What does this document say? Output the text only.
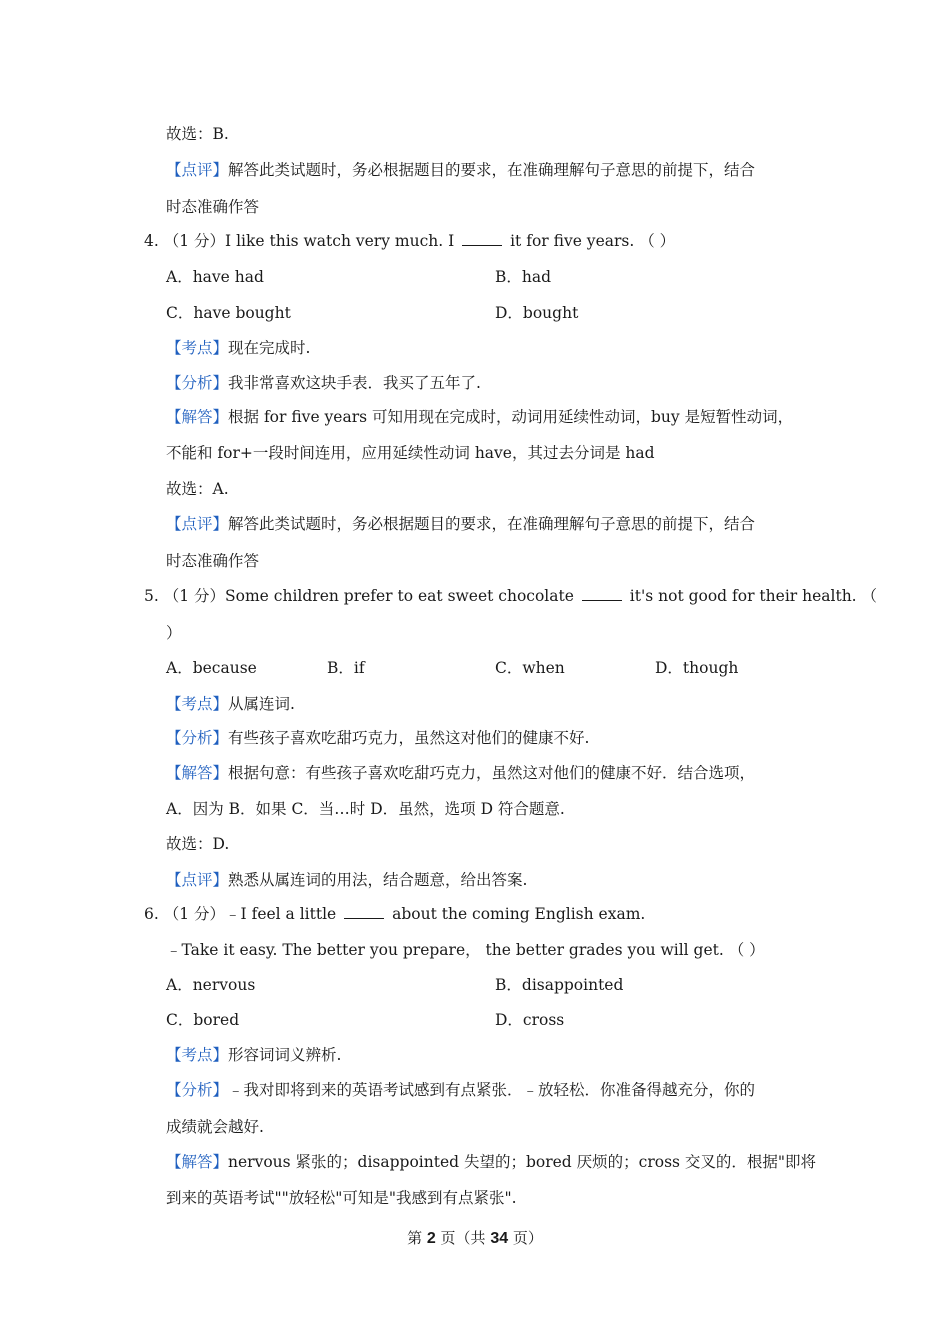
故选：B.
【点评】解答此类试题时，务必根据题目的要求，在准确理解句子意思的前提下，结合
时态准确作答
4. （1 分）I like this watch very much. I	it for five years. （ ）
A．have had	B．had
C．have bought	D．bought
【考点】现在完成时.
【分析】我非常喜欢这块手表．我买了五年了.
【解答】根据 for five years 可知用现在完成时，动词用延续性动词，buy 是短暂性动词，
不能和 for+一段时间连用，应用延续性动词 have，其过去分词是 had
故选：A.
【点评】解答此类试题时，务必根据题目的要求，在准确理解句子意思的前提下，结合
时态准确作答
5. （1 分）Some children prefer to eat sweet chocolate	it's not good for their health. （
）
A．because	B．if	C．when	D．though
【考点】从属连词.
【分析】有些孩子喜欢吃甜巧克力，虽然这对他们的健康不好.
【解答】根据句意：有些孩子喜欢吃甜巧克力，虽然这对他们的健康不好．结合选项，
A．因为 B．如果 C．当…时 D．虽然，选项 D 符合题意.
故选：D.
【点评】熟悉从属连词的用法，结合题意，给出答案.
6. （1 分）﹣I feel a little	about the coming English exam.
﹣Take it easy. The better you prepare， the better grades you will get. （ ）
A．nervous	B．disappointed
C．bored	D．cross
【考点】形容词词义辨析.
【分析】﹣我对即将到来的英语考试感到有点紧张．﹣放轻松．你准备得越充分，你的
成绩就会越好.
【解答】nervous 紧张的；disappointed 失望的；bored 厌烦的；cross 交叉的．根据"即将
到来的英语考试""放轻松"可知是"我感到有点紧张".
第 2 页（共 34 页）
